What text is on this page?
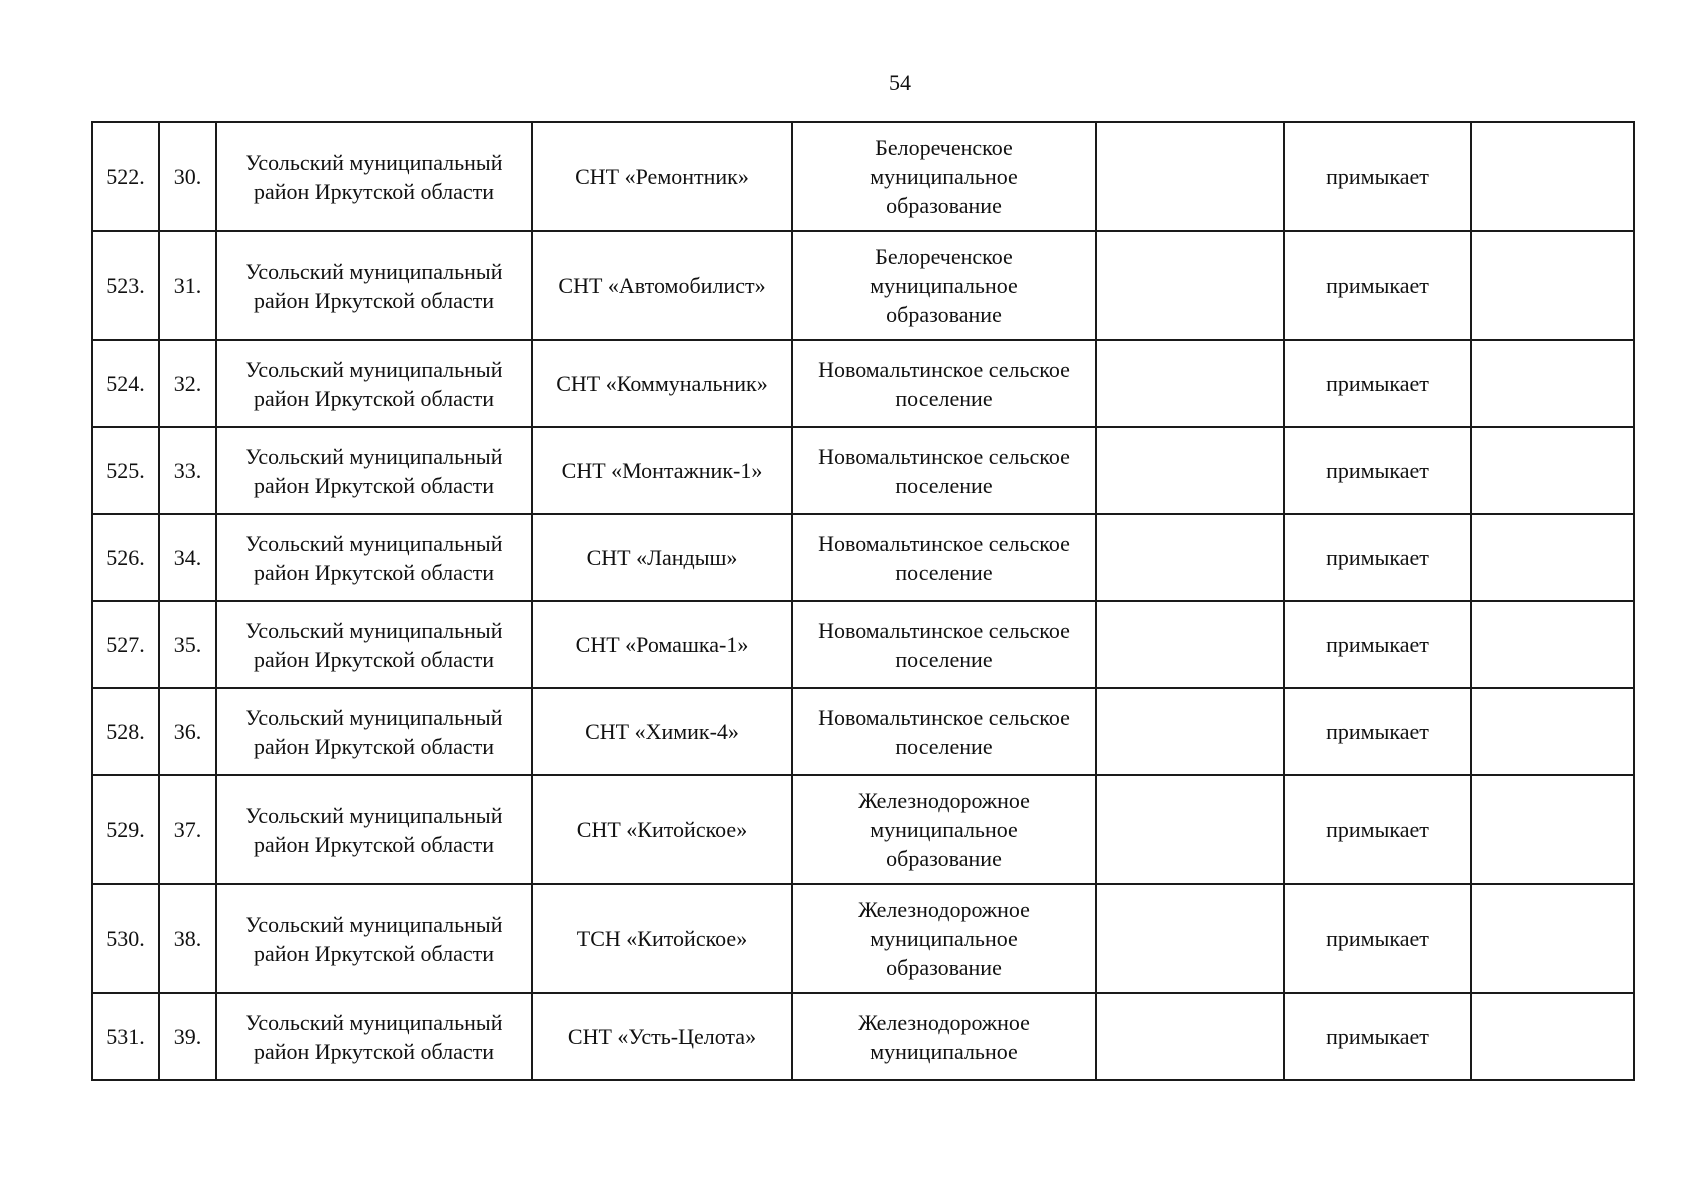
54
522.	30.	Усольский муниципальный
район Иркутской области	СНТ «Ремонтник»	Белореченское
муниципальное
образование		примыкает	
523.	31.	Усольский муниципальный
район Иркутской области	СНТ «Автомобилист»	Белореченское
муниципальное
образование		примыкает	
524.	32.	Усольский муниципальный
район Иркутской области	СНТ «Коммунальник»	Новомальтинское сельское
поселение		примыкает	
525.	33.	Усольский муниципальный
район Иркутской области	СНТ «Монтажник-1»	Новомальтинское сельское
поселение		примыкает	
526.	34.	Усольский муниципальный
район Иркутской области	СНТ «Ландыш»	Новомальтинское сельское
поселение		примыкает	
527.	35.	Усольский муниципальный
район Иркутской области	СНТ «Ромашка-1»	Новомальтинское сельское
поселение		примыкает	
528.	36.	Усольский муниципальный
район Иркутской области	СНТ «Химик-4»	Новомальтинское сельское
поселение		примыкает	
529.	37.	Усольский муниципальный
район Иркутской области	СНТ «Китойское»	Железнодорожное
муниципальное
образование		примыкает	
530.	38.	Усольский муниципальный
район Иркутской области	ТСН «Китойское»	Железнодорожное
муниципальное
образование		примыкает	
531.	39.	Усольский муниципальный
район Иркутской области	СНТ «Усть-Целота»	Железнодорожное
муниципальное		примыкает	
